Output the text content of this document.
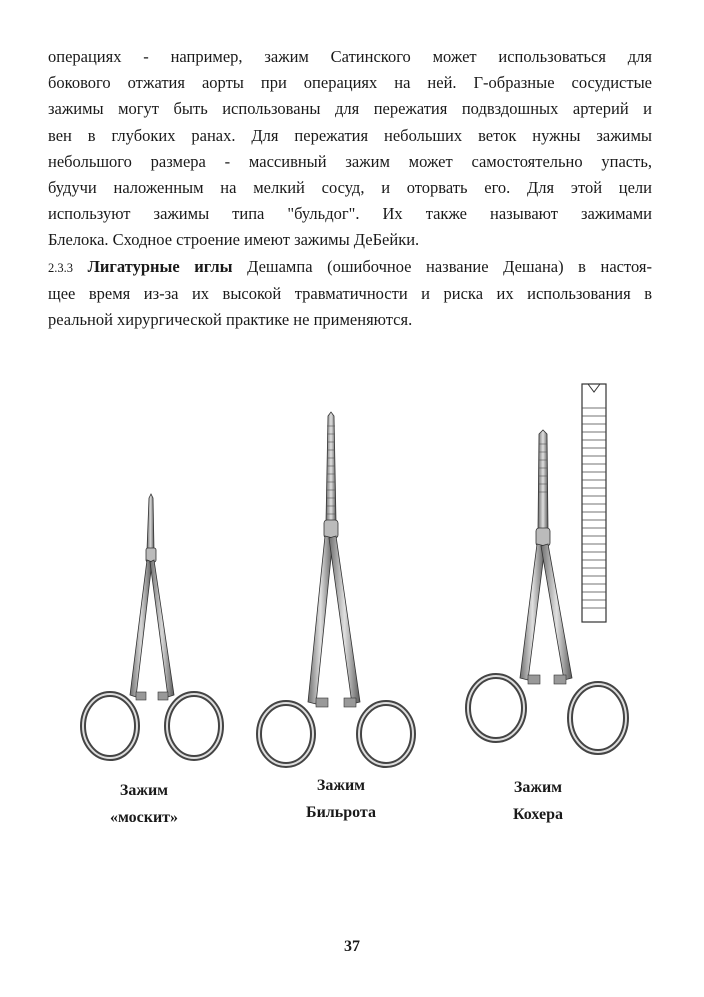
операциях - например, зажим Сатинского может использоваться для

бокового отжатия аорты при операциях на ней. Г-образные сосудистые

зажимы могут быть использованы для пережатия подвздошных артерий и

вен в глубоких ранах. Для пережатия небольших веток нужны зажимы

небольшого размера - массивный зажим может самостоятельно упасть,

будучи наложенным на мелкий сосуд, и оторвать его. Для этой цели

используют зажимы типа "бульдог". Их также называют зажимами

Блелока. Сходное строение имеют зажимы ДеБейки.

2.3.3 Лигатурные иглы Дешампа (ошибочное название Дешана) в настоя-

щее время из-за их высокой травматичности и риска их использования в

реальной хирургической практике не применяются.

Зажим
«москит»
Зажим
Бильрота
Зажим
Кохера
37
